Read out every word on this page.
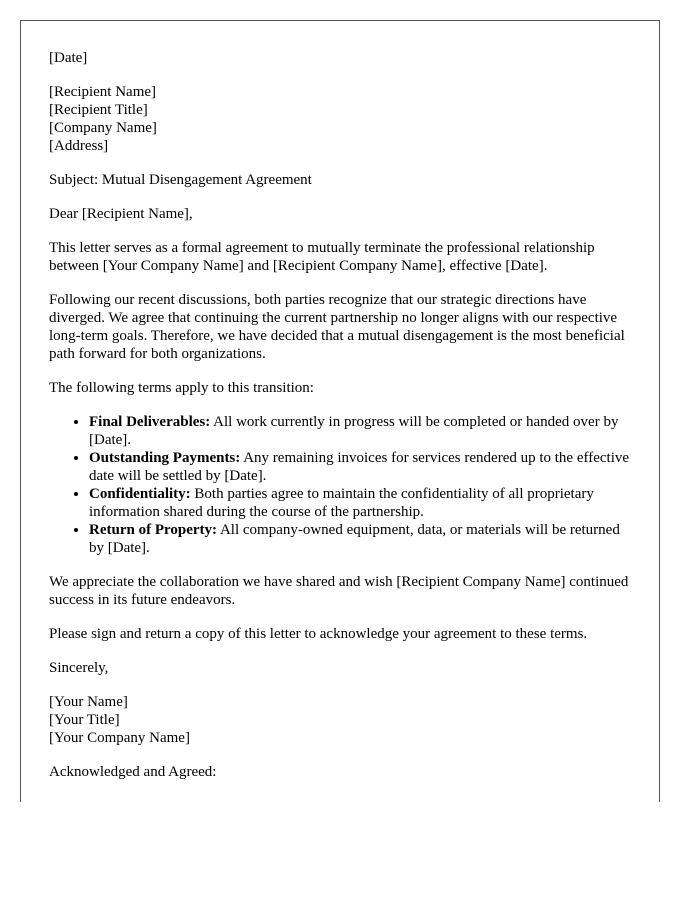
[Date]

[Recipient Name]
[Recipient Title]
[Company Name]
[Address]

Subject: Mutual Disengagement Agreement

Dear [Recipient Name],

This letter serves as a formal agreement to mutually terminate the professional relationship between [Your Company Name] and [Recipient Company Name], effective [Date].

Following our recent discussions, both parties recognize that our strategic directions have diverged. We agree that continuing the current partnership no longer aligns with our respective long-term goals. Therefore, we have decided that a mutual disengagement is the most beneficial path forward for both organizations.

The following terms apply to this transition:

• Final Deliverables: All work currently in progress will be completed or handed over by [Date].
• Outstanding Payments: Any remaining invoices for services rendered up to the effective date will be settled by [Date].
• Confidentiality: Both parties agree to maintain the confidentiality of all proprietary information shared during the course of the partnership.
• Return of Property: All company-owned equipment, data, or materials will be returned by [Date].

We appreciate the collaboration we have shared and wish [Recipient Company Name] continued success in its future endeavors.

Please sign and return a copy of this letter to acknowledge your agreement to these terms.

Sincerely,

[Your Name]
[Your Title]
[Your Company Name]

Acknowledged and Agreed:
